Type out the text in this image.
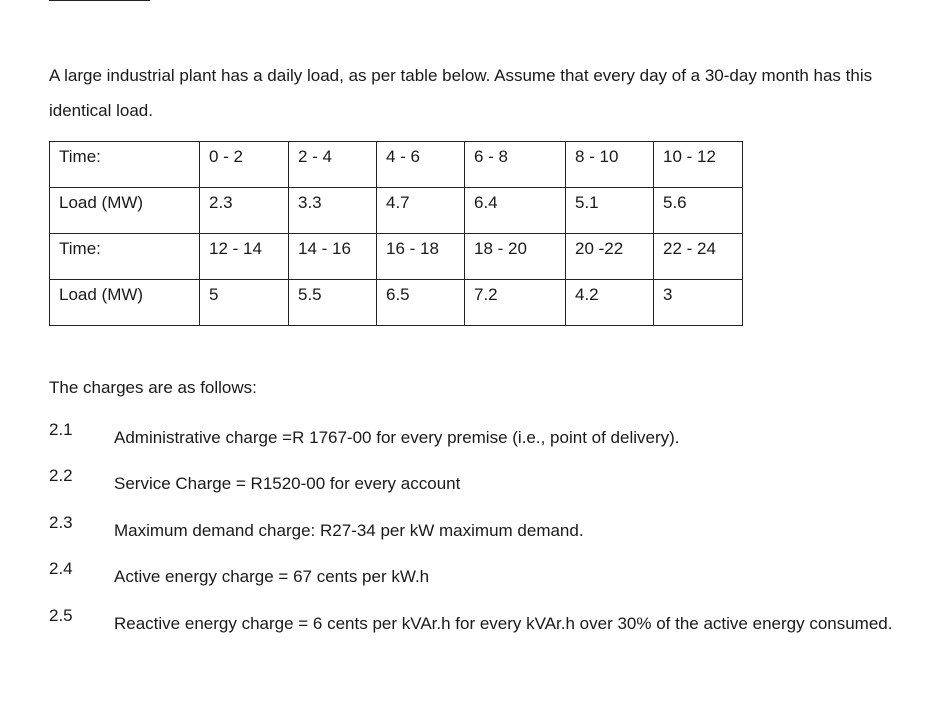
A large industrial plant has a daily load, as per table below. Assume that every day of a 30-day month has this identical load.

Time:	0 - 2	2 - 4	4 - 6	6 - 8	8 - 10	10 - 12
Load (MW)	2.3	3.3	4.7	6.4	5.1	5.6
Time:	12 - 14	14 - 16	16 - 18	18 - 20	20 -22	22 - 24
Load (MW)	5	5.5	6.5	7.2	4.2	3

The charges are as follows:

2.1 Administrative charge =R 1767-00 for every premise (i.e., point of delivery).
2.2 Service Charge = R1520-00 for every account
2.3 Maximum demand charge: R27-34 per kW maximum demand.
2.4 Active energy charge = 67 cents per kW.h
2.5 Reactive energy charge = 6 cents per kVAr.h for every kVAr.h over 30% of the active energy consumed.
